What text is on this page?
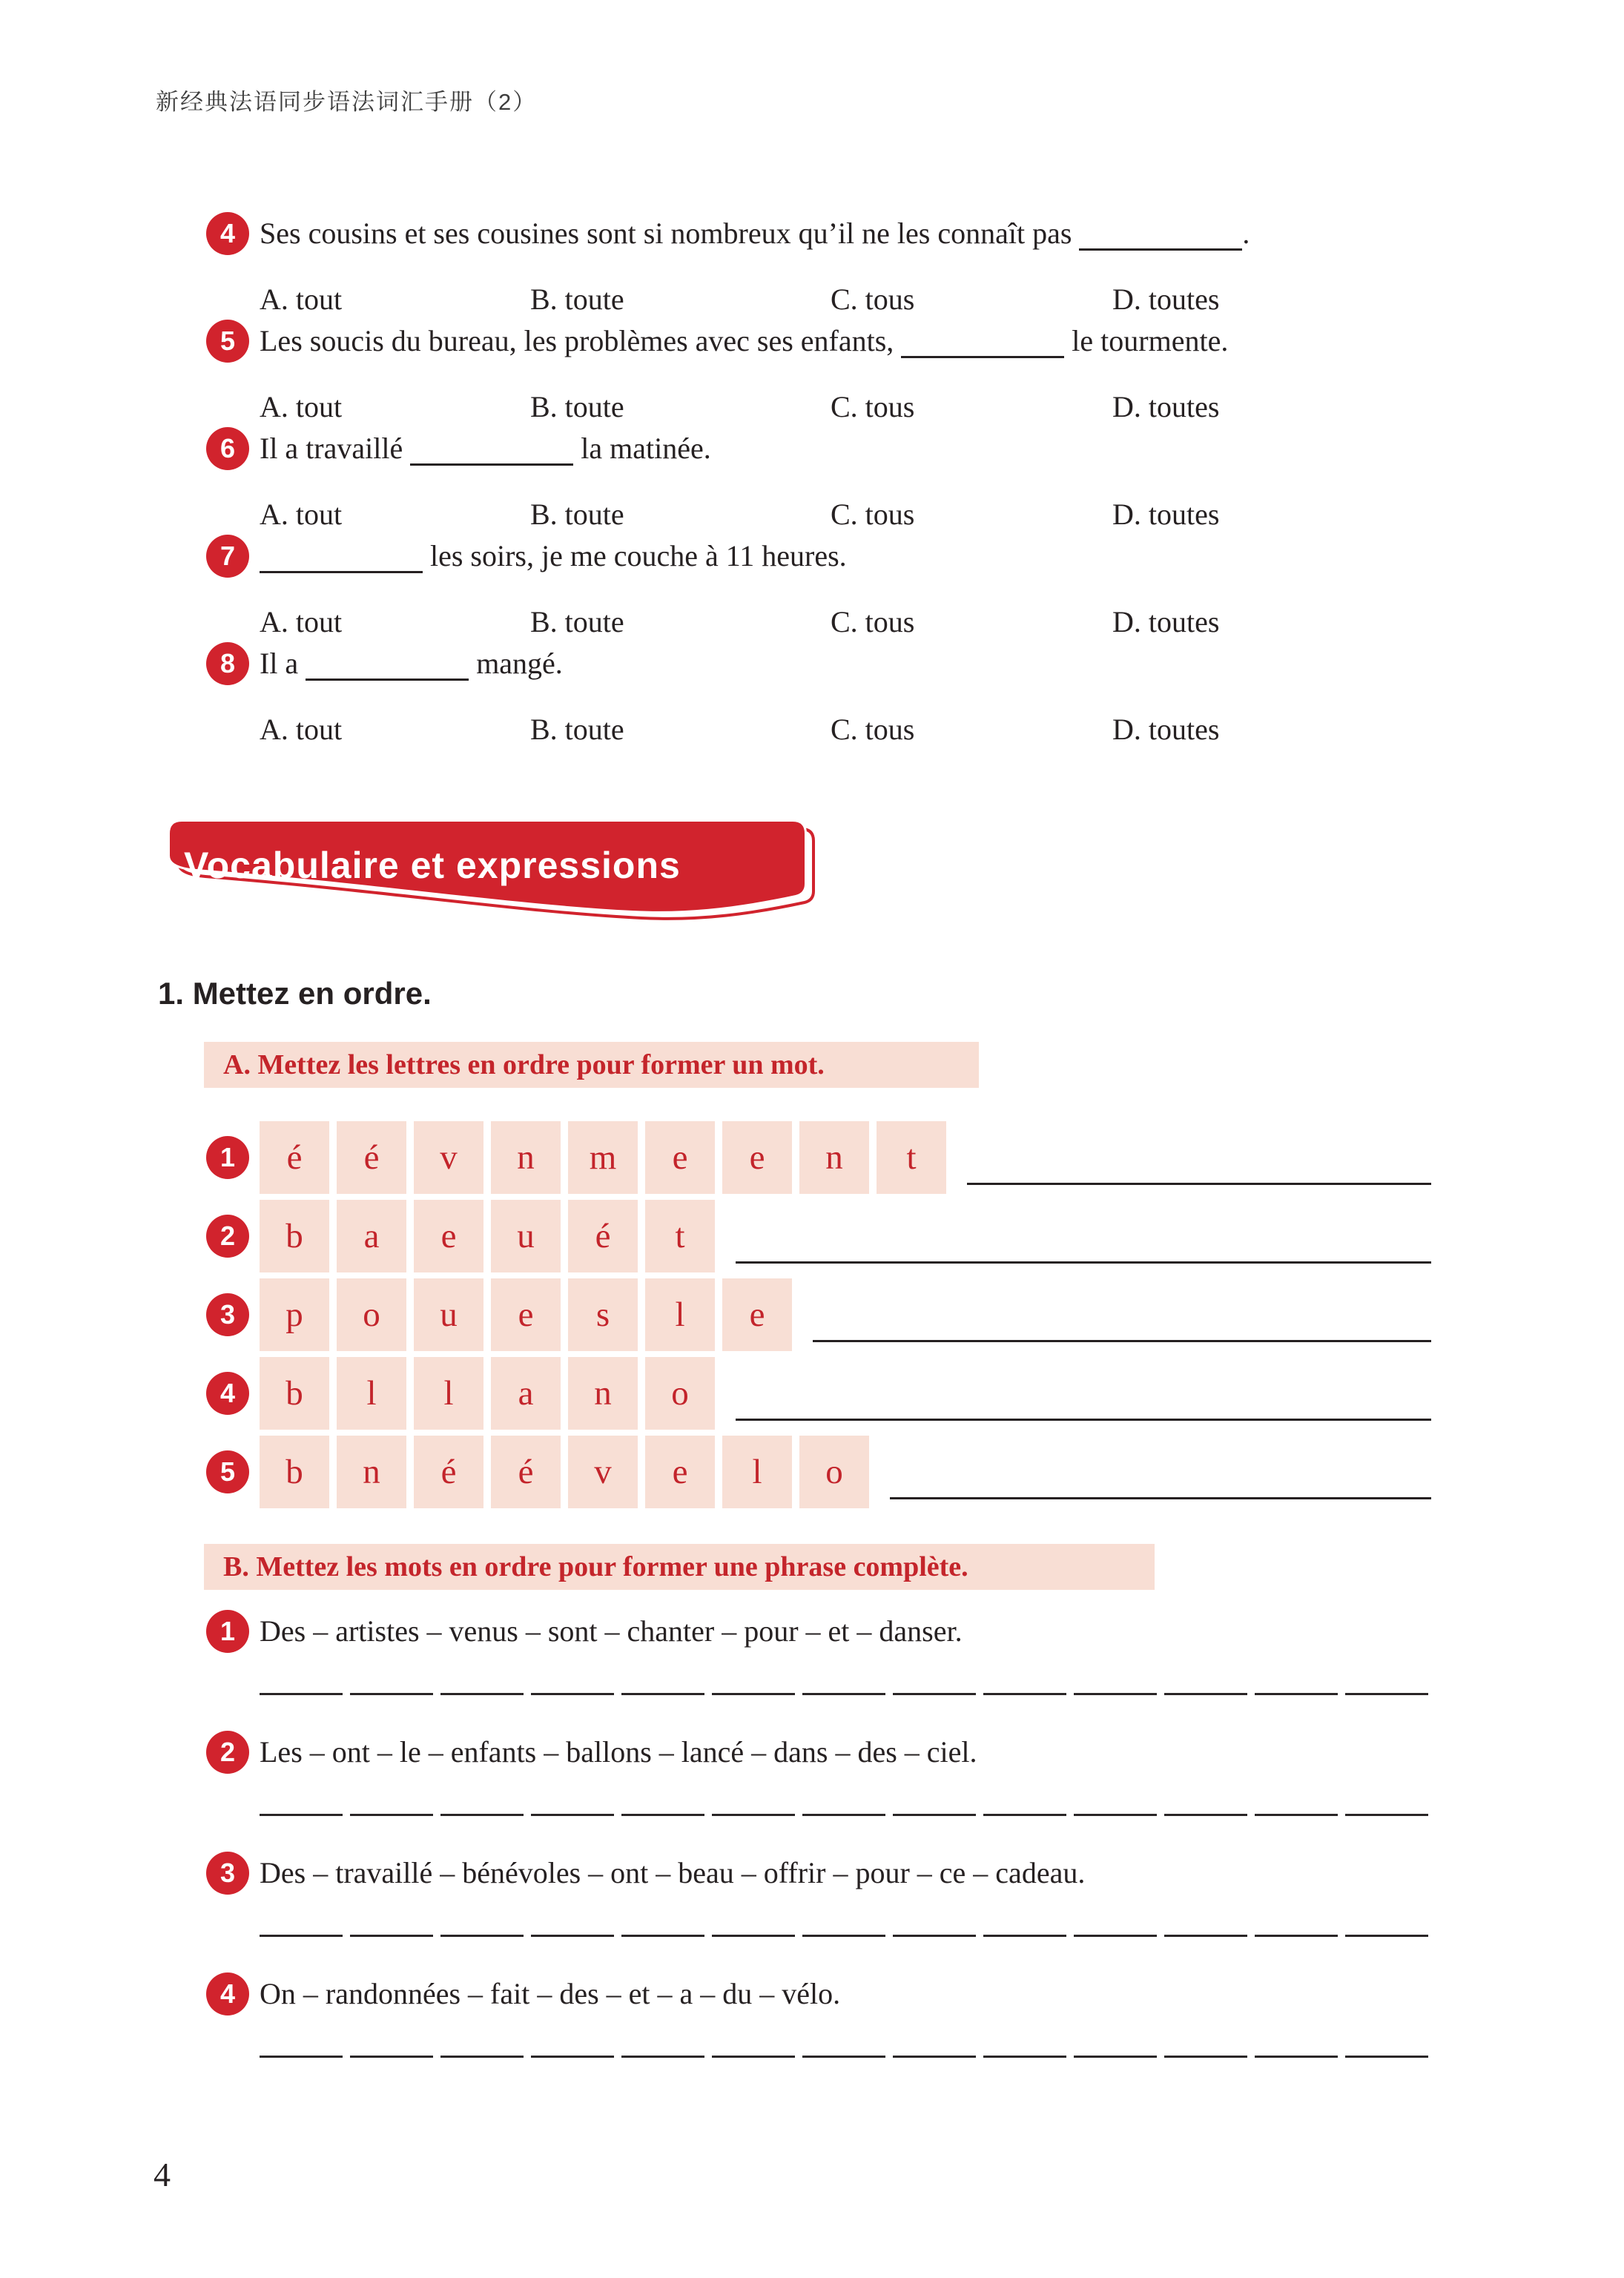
新经典法语同步语法词汇手册（2）
4 Ses cousins et ses cousines sont si nombreux qu’il ne les connaît pas	.
A. tout	B. toute	C. tous	D. toutes
5 Les soucis du bureau, les problèmes avec ses enfants,	le tourmente.
A. tout	B. toute	C. tous	D. toutes
6 Il a travaillé	la matinée.
A. tout	B. toute	C. tous	D. toutes
7	les soirs, je me couche à 11 heures.
A. tout	B. toute	C. tous	D. toutes
8 Il a	mangé.
A. tout	B. toute	C. tous	D. toutes
Vocabulaire et expressions
1. Mettez en ordre.
A. Mettez les lettres en ordre pour former un mot.
1	é	é	v	n	m	e	e	n	t
2	b	a	e	u	é	t
3	p	o	u	e	s	l	e
4	b	l	l	a	n	o
5	b	n	é	é	v	e	l	o
B. Mettez les mots en ordre pour former une phrase complète.
1 Des – artistes – venus – sont – chanter – pour – et – danser.
2 Les – ont – le – enfants – ballons – lancé – dans – des – ciel.
3 Des – travaillé – bénévoles – ont – beau – offrir – pour – ce – cadeau.
4 On – randonnées – fait – des – et – a – du – vélo.
4
